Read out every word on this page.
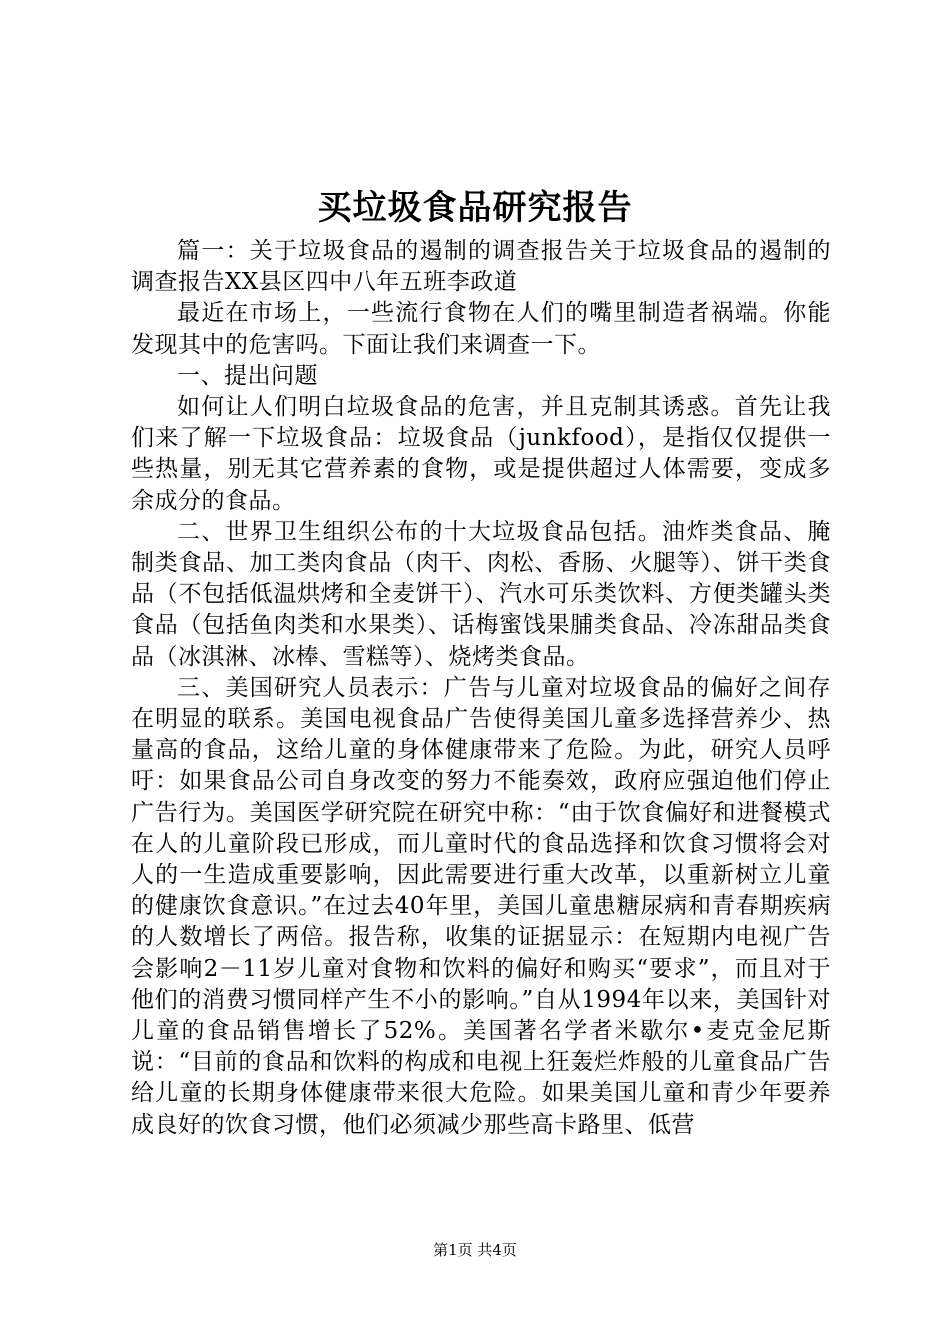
买垃圾食品研究报告

篇一：关于垃圾食品的遏制的调查报告关于垃圾食品的遏制的调查报告XX县区四中八年五班李政道

最近在市场上，一些流行食物在人们的嘴里制造者祸端。你能发现其中的危害吗。下面让我们来调查一下。

一、提出问题

如何让人们明白垃圾食品的危害，并且克制其诱惑。首先让我们来了解一下垃圾食品：垃圾食品（junkfood），是指仅仅提供一些热量，别无其它营养素的食物，或是提供超过人体需要，变成多余成分的食品。

二、世界卫生组织公布的十大垃圾食品包括。油炸类食品、腌制类食品、加工类肉食品（肉干、肉松、香肠、火腿等）、饼干类食品（不包括低温烘烤和全麦饼干）、汽水可乐类饮料、方便类罐头类食品（包括鱼肉类和水果类）、话梅蜜饯果脯类食品、冷冻甜品类食品（冰淇淋、冰棒、雪糕等）、烧烤类食品。

三、美国研究人员表示：广告与儿童对垃圾食品的偏好之间存在明显的联系。美国电视食品广告使得美国儿童多选择营养少、热量高的食品，这给儿童的身体健康带来了危险。为此，研究人员呼吁：如果食品公司自身改变的努力不能奏效，政府应强迫他们停止广告行为。美国医学研究院在研究中称：“由于饮食偏好和进餐模式在人的儿童阶段已形成，而儿童时代的食品选择和饮食习惯将会对人的一生造成重要影响，因此需要进行重大改革，以重新树立儿童的健康饮食意识。”在过去40年里，美国儿童患糖尿病和青春期疾病的人数增长了两倍。报告称，收集的证据显示：在短期内电视广告会影响2－11岁儿童对食物和饮料的偏好和购买“要求”，而且对于他们的消费习惯同样产生不小的影响。”自从1994年以来，美国针对儿童的食品销售增长了52%。美国著名学者米歇尔•麦克金尼斯说：“目前的食品和饮料的构成和电视上狂轰烂炸般的儿童食品广告给儿童的长期身体健康带来很大危险。如果美国儿童和青少年要养成良好的饮食习惯，他们必须减少那些高卡路里、低营

第1页 共4页
